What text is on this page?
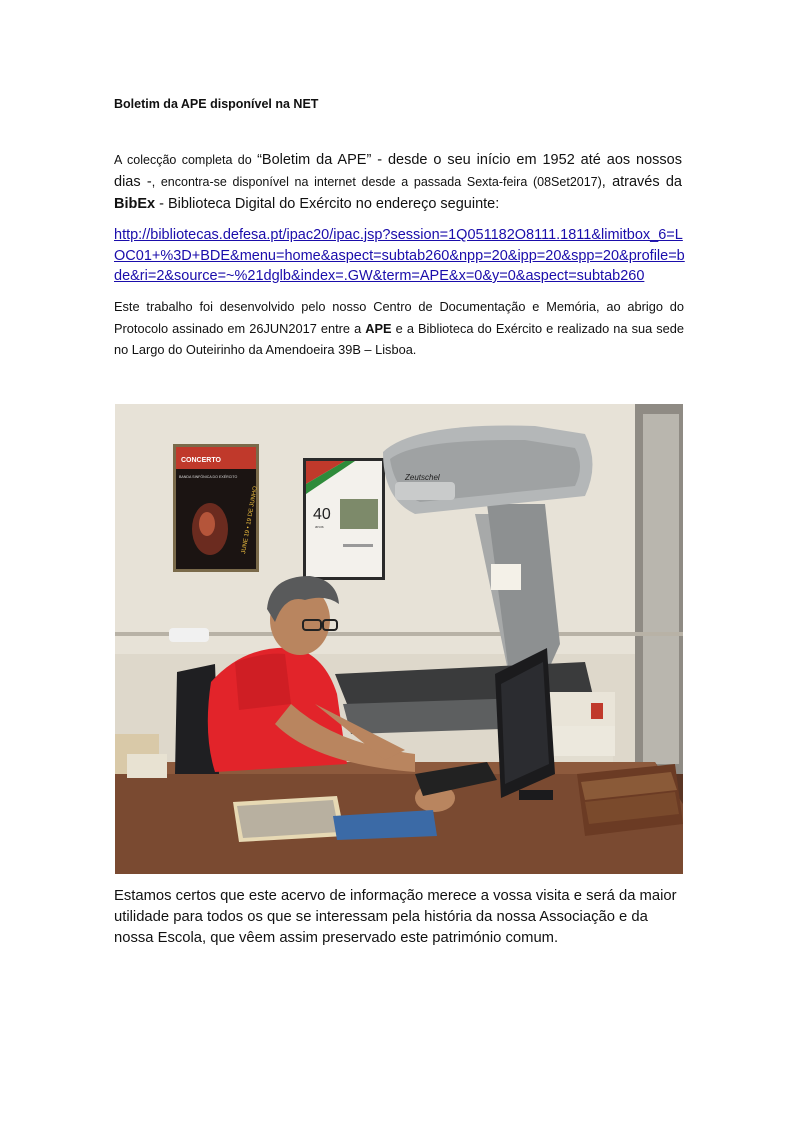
Boletim da APE disponível na NET
A colecção completa do “Boletim da APE” - desde o seu início em 1952 até aos nossos dias -, encontra-se disponível na internet desde a passada Sexta-feira (08Set2017), através da BibEx - Biblioteca Digital do Exército no endereço seguinte:

http://bibliotecas.defesa.pt/ipac20/ipac.jsp?session=1Q051182O8111.1811&limitbox_6=LOC01+%3D+BDE&menu=home&aspect=subtab260&npp=20&ipp=20&spp=20&profile=bde&ri=2&source=~%21dglb&index=.GW&term=APE&x=0&y=0&aspect=subtab260

Este trabalho foi desenvolvido pelo nosso Centro de Documentação e Memória, ao abrigo do Protocolo assinado em 26JUN2017 entre a APE e a Biblioteca do Exército e realizado na sua sede no Largo do Outeirinho da Amendoeira 39B – Lisboa.
CONCERTO
BANDA SINFÓNICA DO EXÉRCITO
JUNE 19 • 19 DE JUNHO	40
anos
Zeutschel
Estamos certos que este acervo de informação merece a vossa visita e será da maior
utilidade para todos os que se interessam pela história da nossa Associação e da
nossa Escola, que vêem assim preservado este património comum.
